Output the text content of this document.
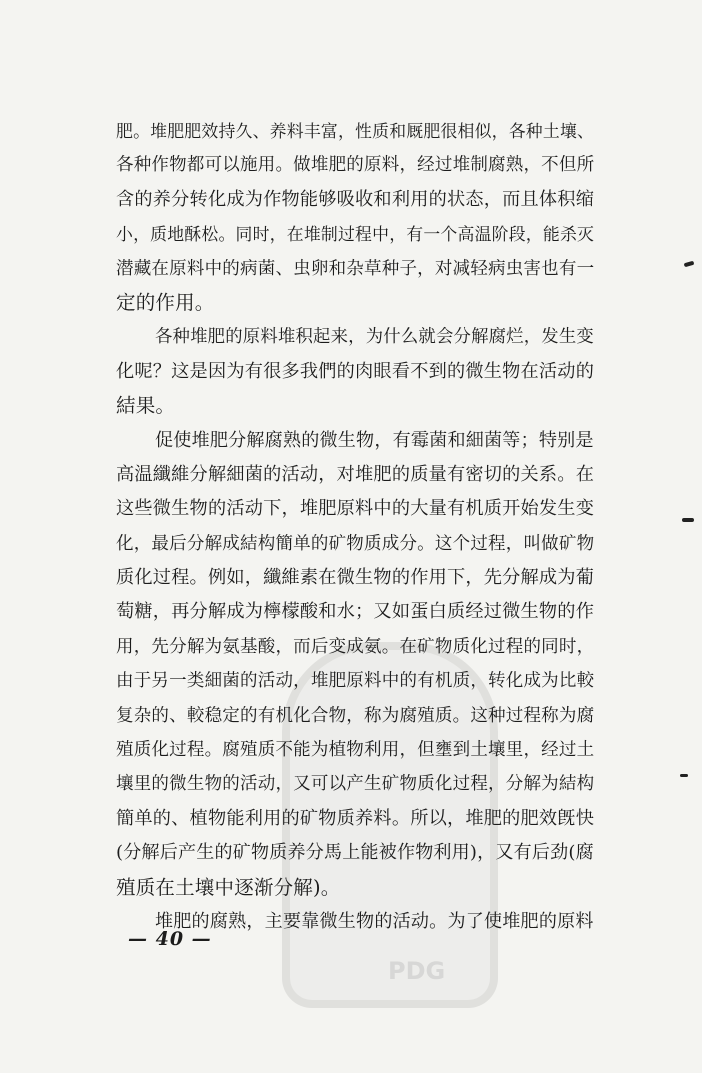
PDG
肥。堆肥肥效持久、养料丰富，性质和厩肥很相似，各种土壤、
各种作物都可以施用。做堆肥的原料，经过堆制腐熟，不但所
含的养分转化成为作物能够吸收和利用的状态，而且体积缩
小，质地酥松。同时，在堆制过程中，有一个高温阶段，能杀灭
潜藏在原料中的病菌、虫卵和杂草种子，对减轻病虫害也有一
定的作用。
各种堆肥的原料堆积起来，为什么就会分解腐烂，发生变
化呢？这是因为有很多我們的肉眼看不到的微生物在活动的
結果。
促使堆肥分解腐熟的微生物，有霉菌和細菌等；特别是
高温纖維分解細菌的活动，对堆肥的质量有密切的关系。在
这些微生物的活动下，堆肥原料中的大量有机质开始发生变
化，最后分解成結构簡单的矿物质成分。这个过程，叫做矿物
质化过程。例如，纖維素在微生物的作用下，先分解成为葡
萄糖，再分解成为檸檬酸和水；又如蛋白质经过微生物的作
用，先分解为氨基酸，而后变成氨。在矿物质化过程的同时，
由于另一类細菌的活动，堆肥原料中的有机质，转化成为比較
复杂的、較稳定的有机化合物，称为腐殖质。这种过程称为腐
殖质化过程。腐殖质不能为植物利用，但壅到土壤里，经过土
壤里的微生物的活动，又可以产生矿物质化过程，分解为結构
簡单的、植物能利用的矿物质养料。所以，堆肥的肥效旣快
(分解后产生的矿物质养分馬上能被作物利用)，又有后劲(腐
殖质在土壤中逐渐分解)。
堆肥的腐熟，主要靠微生物的活动。为了使堆肥的原料
— 40 —
